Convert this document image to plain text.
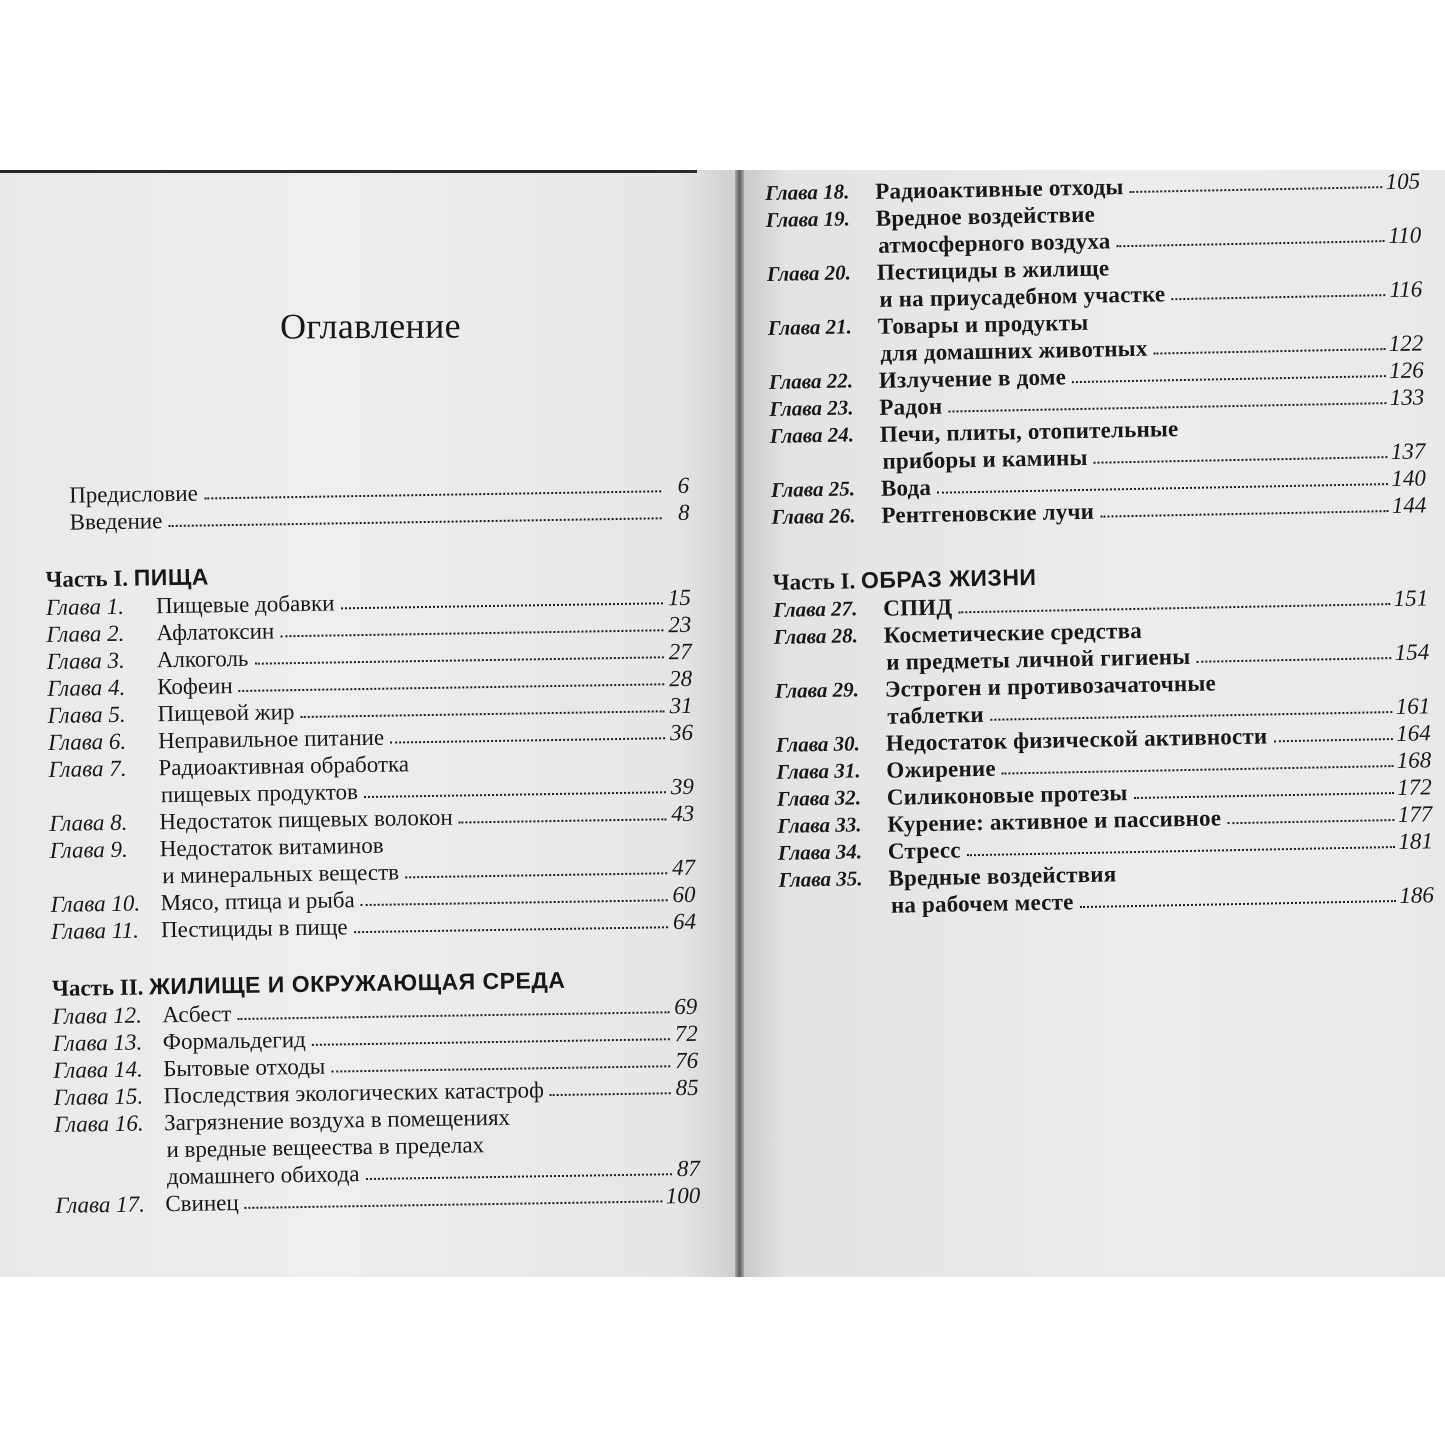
Оглавление
Предисловие	6
Введение	8
Часть I. ПИЩА
Глава 1.	Пищевые добавки	15
Глава 2.	Афлатоксин	23
Глава 3.	Алкоголь	27
Глава 4.	Кофеин	28
Глава 5.	Пищевой жир	31
Глава 6.	Неправильное питание	36
Глава 7.	Радиоактивная обработка
пищевых продуктов	39
Глава 8.	Недостаток пищевых волокон	43
Глава 9.	Недостаток витаминов
и минеральных веществ	47
Глава 10. Мясо, птица и рыба	60
Глава 11. Пестициды в пище	64
Часть II. ЖИЛИЩЕ И ОКРУЖАЮЩАЯ СРЕДА
Глава 12. Асбест	69
Глава 13. Формальдегид	72
Глава 14. Бытовые отходы	76
Глава 15. Последствия экологических катастроф	85
Глава 16. Загрязнение воздуха в помещениях
и вредные вещеества в пределах
домашнего обихода	87
Глава 17. Свинец	100
Глава 18.	Радиоактивные отходы	105
Глава 19.	Вредное воздействие
атмосферного воздуха	110
Глава 20.	Пестициды в жилище
и на приусадебном участке	116
Глава 21.	Товары и продукты
для домашних животных	122
Глава 22.	Излучение в доме	126
Глава 23.	Радон	133
Глава 24.	Печи, плиты, отопительные
приборы и камины	137
Глава 25.	Вода	140
Глава 26.	Рентгеновские лучи	144
Часть I. ОБРАЗ ЖИЗНИ
Глава 27.	СПИД	151
Глава 28.	Косметические средства
и предметы личной гигиены	154
Глава 29.	Эстроген и противозачаточные
таблетки	161
Глава 30.	Недостаток физической активности	164
Глава 31.	Ожирение	168
Глава 32.	Силиконовые протезы	172
Глава 33.	Курение: активное и пассивное	177
Глава 34.	Стресс	181
Глава 35.	Вредные воздействия
на рабочем месте	186
